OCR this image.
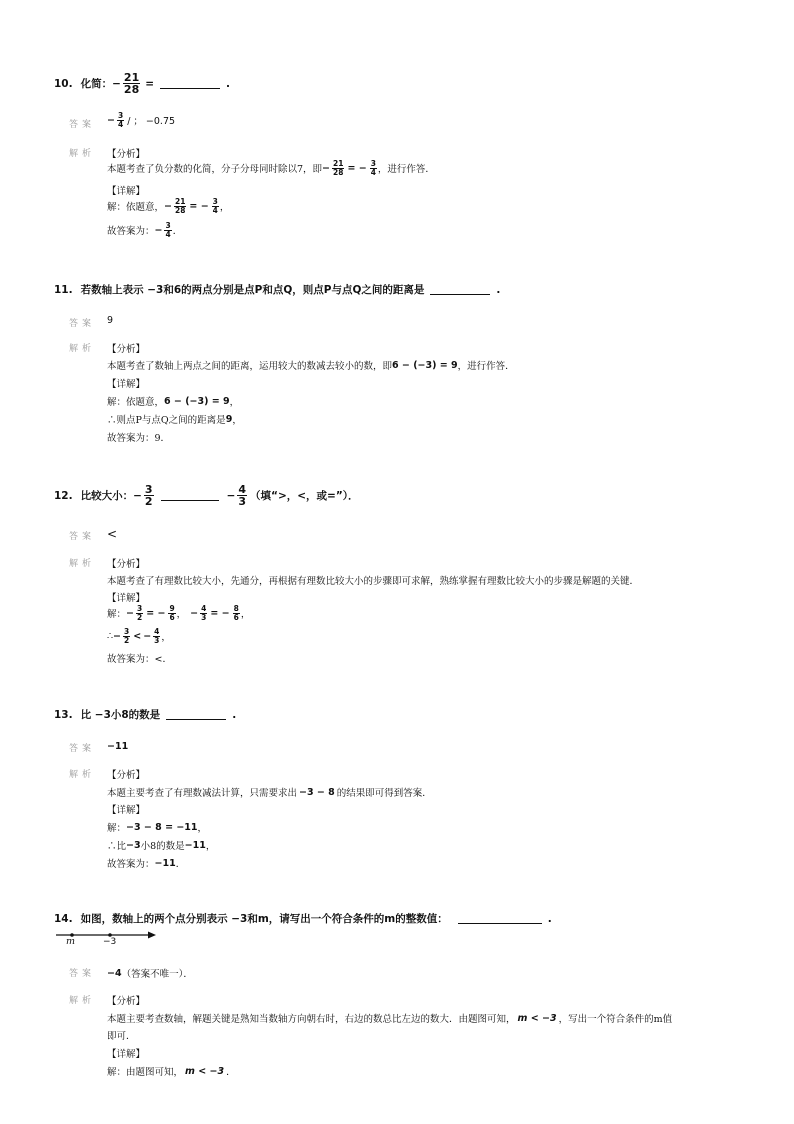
10. 化简： − $\frac{21}{28}$ =	.
答案 − $\frac{3}{4}$ / ； −0.75
解析 【分析】
本题考查了负分数的化简，分子分母同时除以7，即 − $\frac{21}{28}$ = − $\frac{3}{4}$ ，进行作答．
【详解】
解：依题意， − $\frac{21}{28}$ = − $\frac{3}{4}$ ，
故答案为： − $\frac{3}{4}$ ．
11. 若数轴上表示 −3和6的两点分别是点P和点Q，则点P与点Q之间的距离是	.
答案 9
解析 【分析】
本题考查了数轴上两点之间的距离，运用较大的数减去较小的数，即 6 − (−3) = 9 ，进行作答．
【详解】
解：依题意， 6 − (−3) = 9 ，
∴则点P与点Q之间的距离是 9 ，
故答案为：9．
12. 比较大小： − $\frac{3}{2}$	− $\frac{4}{3}$ （填“>，<，或=”）．
答案 <
解析 【分析】
本题考查了有理数比较大小，先通分，再根据有理数比较大小的步骤即可求解，熟练掌握有理数比较大小的步骤是解题的关键．
【详解】
解： − $\frac{3}{2}$ = − $\frac{9}{6}$ ， − $\frac{4}{3}$ = − $\frac{8}{6}$ ，
∴ − $\frac{3}{2}$ < − $\frac{4}{3}$ ，
故答案为：<．
13. 比 −3小8的数是	.
答案 −11
解析 【分析】
本题主要考查了有理数减法计算，只需要求出 −3 − 8 的结果即可得到答案．
【详解】
解： −3 − 8 = −11 ，
∴比 −3 小8的数是 −11 ，
故答案为： −11 ．
14. 如图，数轴上的两个点分别表示 −3和m，请写出一个符合条件的m的整数值：	.
m	−3
答案 −4 （答案不唯一）．
解析 【分析】
本题主要考查数轴，解题关键是熟知当数轴方向朝右时，右边的数总比左边的数大．由题图可知， m < −3 ，写出一个符合条件的m值
即可．
【详解】
解：由题图可知， m < −3 ．
